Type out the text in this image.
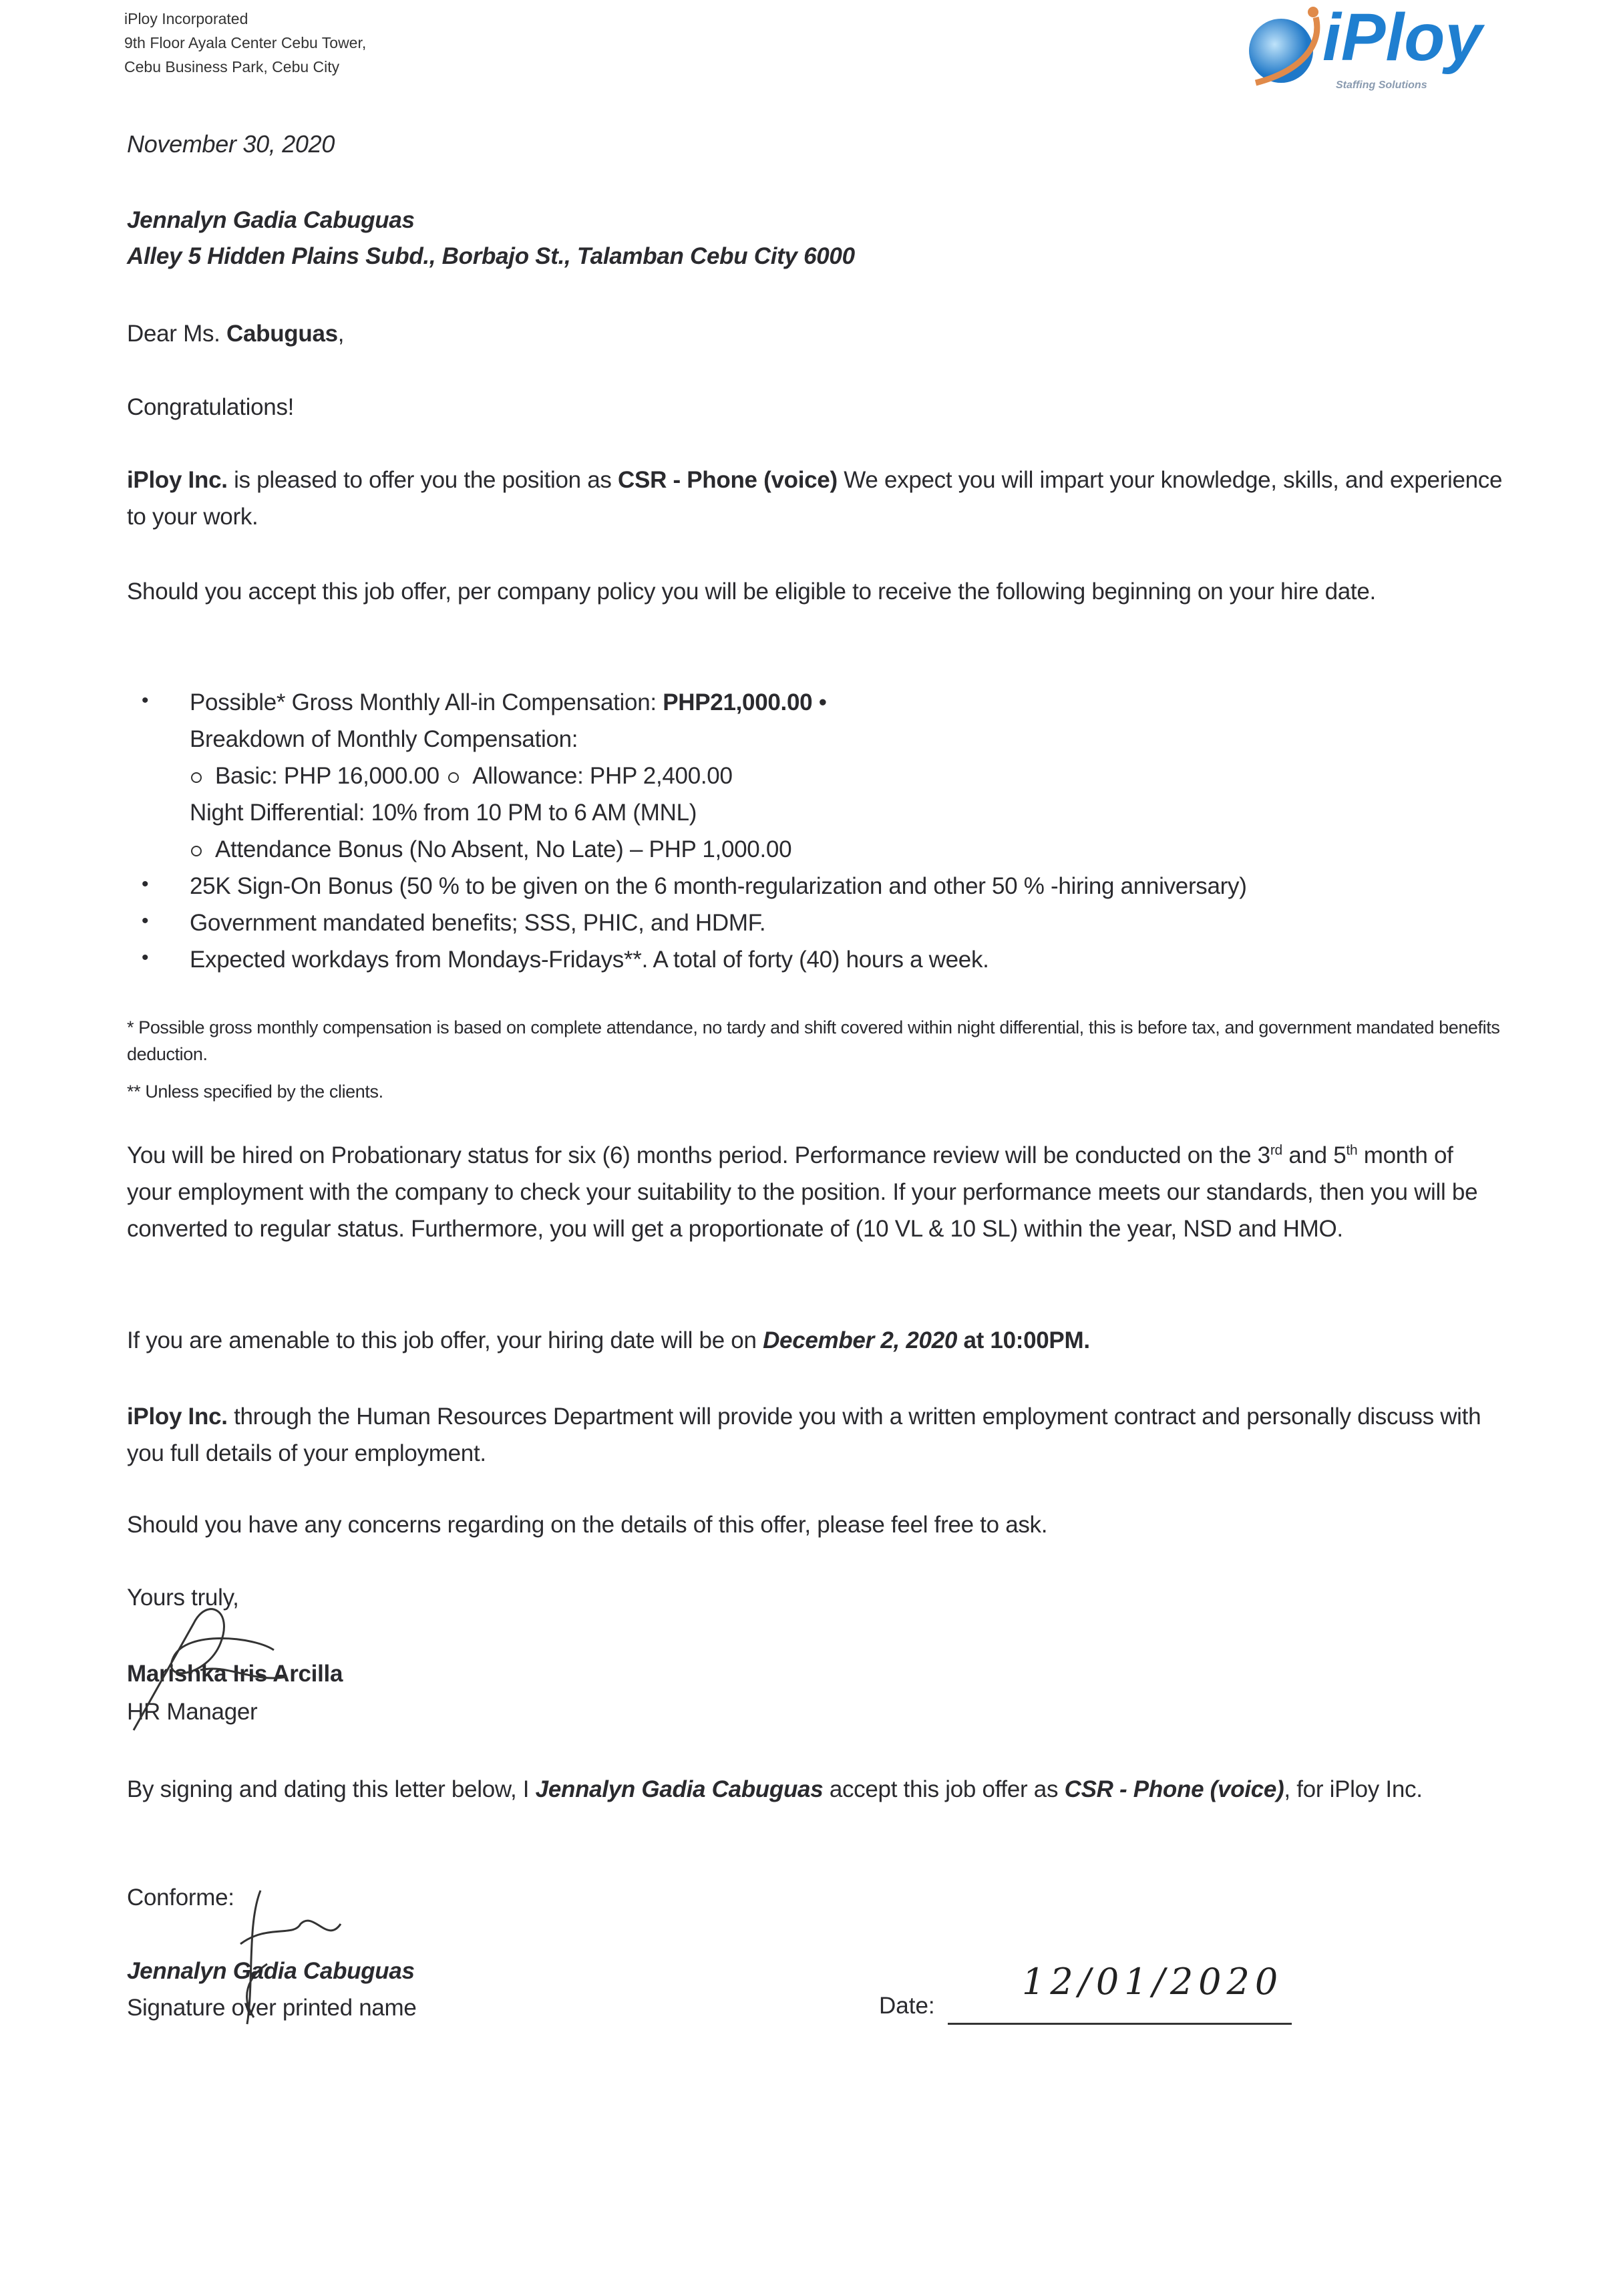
iPloy Incorporated
9th Floor Ayala Center Cebu Tower,
Cebu Business Park, Cebu City	iPloy
Staffing Solutions
November 30, 2020
Jennalyn Gadia Cabuguas
Alley 5 Hidden Plains Subd., Borbajo St., Talamban Cebu City 6000
Dear Ms. Cabuguas,
Congratulations!
iPloy Inc. is pleased to offer you the position as CSR - Phone (voice) We expect you will impart your knowledge, skills, and experience to your work.
Should you accept this job offer, per company policy you will be eligible to receive the following beginning on your hire date.
• Possible* Gross Monthly All-in Compensation: PHP21,000.00 •
Breakdown of Monthly Compensation:
Basic: PHP 16,000.00 Allowance: PHP 2,400.00
Night Differential: 10% from 10 PM to 6 AM (MNL)
Attendance Bonus (No Absent, No Late) – PHP 1,000.00
• 25K Sign-On Bonus (50 % to be given on the 6 month-regularization and other 50 % -hiring anniversary)
• Government mandated benefits; SSS, PHIC, and HDMF.
• Expected workdays from Mondays-Fridays**. A total of forty (40) hours a week.
* Possible gross monthly compensation is based on complete attendance, no tardy and shift covered within night differential, this is before tax, and government mandated benefits deduction.
** Unless specified by the clients.
You will be hired on Probationary status for six (6) months period. Performance review will be conducted on the 3rd and 5th month of your employment with the company to check your suitability to the position. If your performance meets our standards, then you will be converted to regular status. Furthermore, you will get a proportionate of (10 VL & 10 SL) within the year, NSD and HMO.
If you are amenable to this job offer, your hiring date will be on December 2, 2020 at 10:00PM.
iPloy Inc. through the Human Resources Department will provide you with a written employment contract and personally discuss with you full details of your employment.
Should you have any concerns regarding on the details of this offer, please feel free to ask.
Yours truly,
Marishka Iris Arcilla
HR Manager
By signing and dating this letter below, I Jennalyn Gadia Cabuguas accept this job offer as CSR - Phone (voice), for iPloy Inc.
Conforme:
Jennalyn Gadia Cabuguas
Signature over printed name	Date:
12/01/2020
